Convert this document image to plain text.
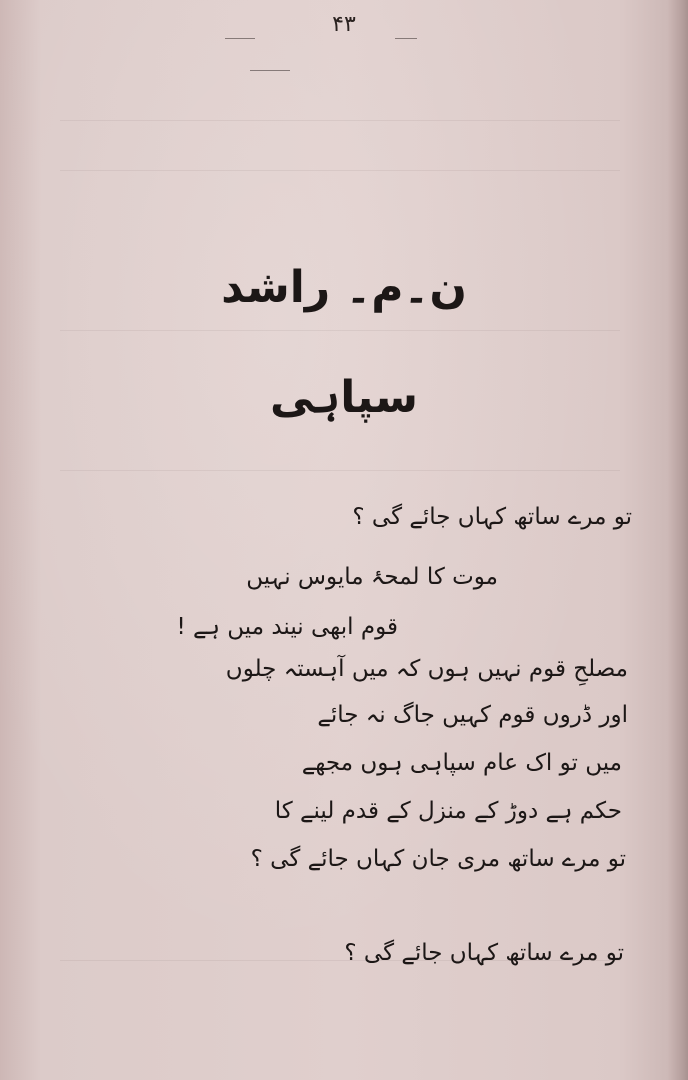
۴۳
ن۔م۔ راشد
سپاہی
تو مرے ساتھ کہاں جائے گی ؟
موت کا لمحۂ مایوس نہیں
قوم ابھی نیند میں ہے !
مصلحِ قوم نہیں ہوں کہ میں آہستہ چلوں
اور ڈروں قوم کہیں جاگ نہ جائے
میں تو اک عام سپاہی ہوں مجھے
حکم ہے دوڑ کے منزل کے قدم لینے کا
تو مرے ساتھ مری جان کہاں جائے گی ؟
تو مرے ساتھ کہاں جائے گی ؟
